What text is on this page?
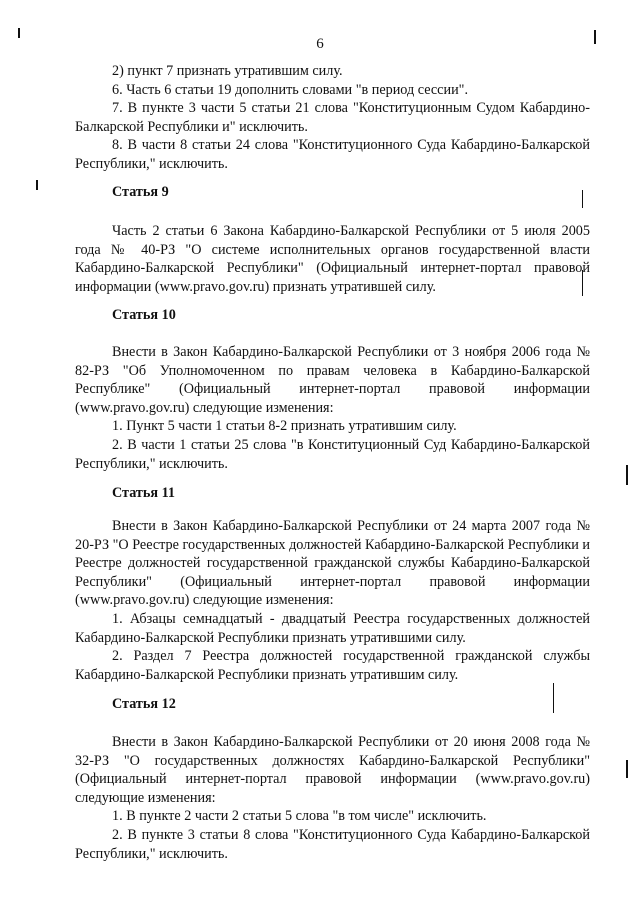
6

2) пункт 7 признать утратившим силу.

6. Часть 6 статьи 19 дополнить словами "в период сессии".

7. В пункте 3 части 5 статьи 21 слова "Конституционным Судом Кабардино-Балкарской Республики и" исключить.

8. В части 8 статьи 24 слова "Конституционного Суда Кабардино-Балкарской Республики," исключить.

Статья 9

Часть 2 статьи 6 Закона Кабардино-Балкарской Республики от 5 июля 2005 года № 40-РЗ "О системе исполнительных органов государственной власти Кабардино-Балкарской Республики" (Официальный интернет-портал правовой информации (www.pravo.gov.ru) признать утратившей силу.

Статья 10

Внести в Закон Кабардино-Балкарской Республики от 3 ноября 2006 года № 82-РЗ "Об Уполномоченном по правам человека в Кабардино-Балкарской Республике" (Официальный интернет-портал правовой информации (www.pravo.gov.ru) следующие изменения:

1. Пункт 5 части 1 статьи 8-2 признать утратившим силу.

2. В части 1 статьи 25 слова "в Конституционный Суд Кабардино-Балкарской Республики," исключить.

Статья 11

Внести в Закон Кабардино-Балкарской Республики от 24 марта 2007 года № 20-РЗ "О Реестре государственных должностей Кабардино-Балкарской Республики и Реестре должностей государственной гражданской службы Кабардино-Балкарской Республики" (Официальный интернет-портал правовой информации (www.pravo.gov.ru) следующие изменения:

1. Абзацы семнадцатый - двадцатый Реестра государственных должностей Кабардино-Балкарской Республики признать утратившими силу.

2. Раздел 7 Реестра должностей государственной гражданской службы Кабардино-Балкарской Республики признать утратившим силу.

Статья 12

Внести в Закон Кабардино-Балкарской Республики от 20 июня 2008 года № 32-РЗ "О государственных должностях Кабардино-Балкарской Республики" (Официальный интернет-портал правовой информации (www.pravo.gov.ru) следующие изменения:

1. В пункте 2 части 2 статьи 5 слова "в том числе" исключить.

2. В пункте 3 статьи 8 слова "Конституционного Суда Кабардино-Балкарской Республики," исключить.
